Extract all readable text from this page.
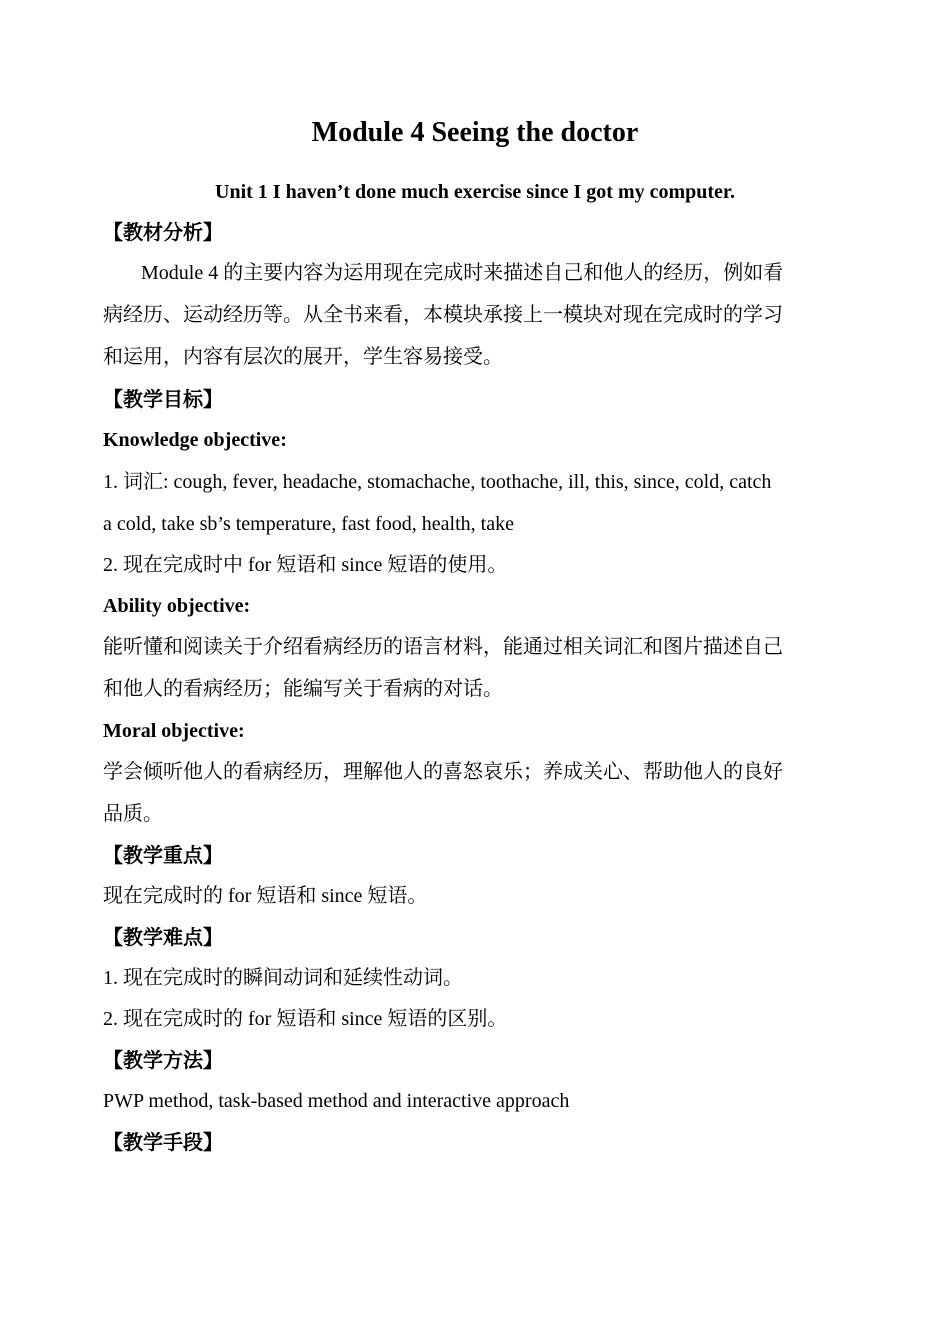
Module 4 Seeing the doctor
Unit 1 I haven’t done much exercise since I got my computer.
【教材分析】
Module 4 的主要内容为运用现在完成时来描述自己和他人的经历，例如看
病经历、运动经历等。从全书来看，本模块承接上一模块对现在完成时的学习
和运用，内容有层次的展开，学生容易接受。
【教学目标】
Knowledge objective:
1. 词汇: cough, fever, headache, stomachache, toothache, ill, this, since, cold, catch
a cold, take sb’s temperature, fast food, health, take
2. 现在完成时中 for 短语和 since 短语的使用。
Ability objective:
能听懂和阅读关于介绍看病经历的语言材料，能通过相关词汇和图片描述自己
和他人的看病经历；能编写关于看病的对话。
Moral objective:
学会倾听他人的看病经历，理解他人的喜怒哀乐；养成关心、帮助他人的良好
品质。
【教学重点】
现在完成时的 for 短语和 since 短语。
【教学难点】
1. 现在完成时的瞬间动词和延续性动词。
2. 现在完成时的 for 短语和 since 短语的区别。
【教学方法】
PWP method, task-based method and interactive approach
【教学手段】
